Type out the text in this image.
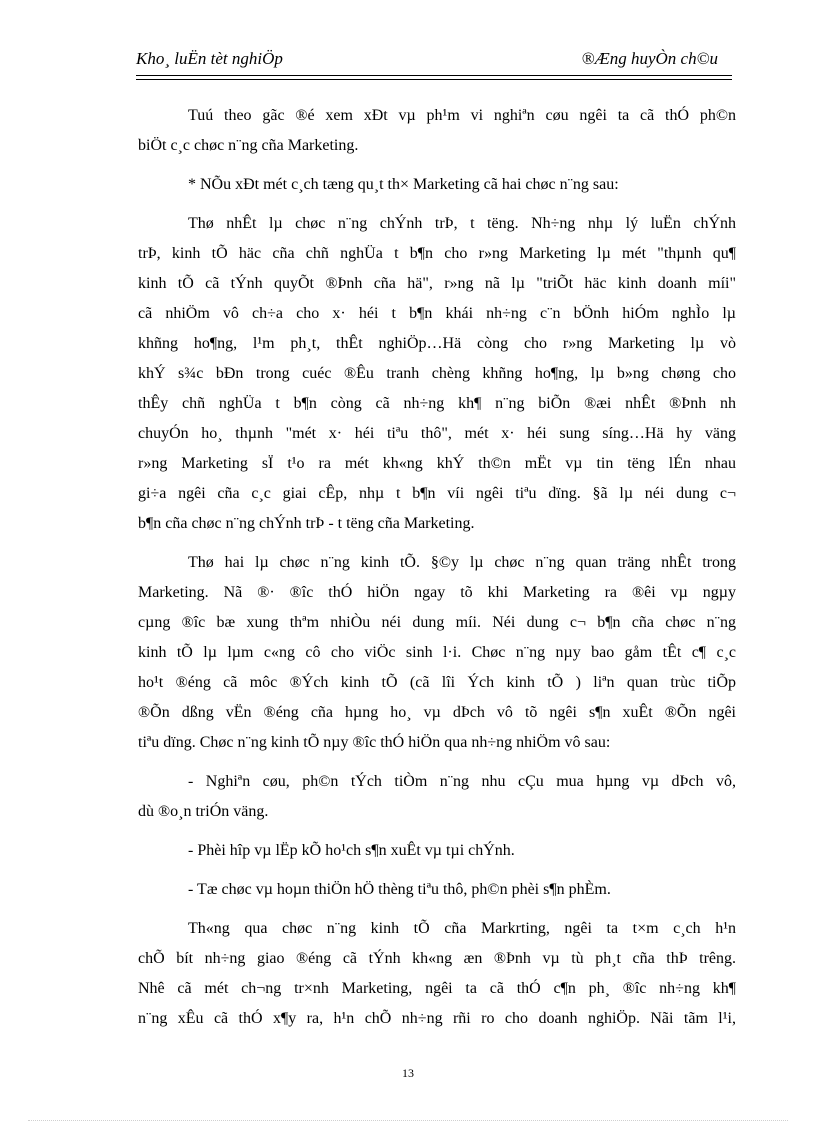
Kho¸ luËn tèt nghiÖp	®Æng huyÒn ch©u
Tuú theo gãc ®é xem xÐt vµ ph¹m vi nghiªn cøu ngêi ta cã thÓ ph©n
biÖt c¸c chøc n¨ng cña Marketing.
* NÕu xÐt mét c¸ch tæng qu¸t th× Marketing cã hai chøc n¨ng sau:
Thø nhÊt lµ chøc n¨ng chÝnh trÞ, t tëng. Nh÷ng nhµ lý luËn chÝnh
trÞ, kinh tÕ häc cña chñ nghÜa t b¶n cho r»ng Marketing lµ mét "thµnh qu¶
kinh tÕ cã tÝnh quyÕt ®Þnh cña hä", r»ng nã lµ "triÕt häc kinh doanh míi"
cã nhiÖm vô ch÷a cho x· héi t b¶n khái nh÷ng c¨n bÖnh hiÓm nghÌo lµ
khñng ho¶ng, l¹m ph¸t, thÊt nghiÖp…Hä còng cho r»ng Marketing lµ vò
khÝ s¾c bÐn trong cuéc ®Êu tranh chèng khñng ho¶ng, lµ b»ng chøng cho
thÊy chñ nghÜa t b¶n còng cã nh÷ng kh¶ n¨ng biÕn ®æi nhÊt ®Þnh nh
chuyÓn ho¸ thµnh "mét x· héi tiªu thô", mét x· héi sung síng…Hä hy väng
r»ng Marketing sÏ t¹o ra mét kh«ng khÝ th©n mËt vµ tin tëng lÉn nhau
gi÷a ngêi cña c¸c giai cÊp, nhµ t b¶n víi ngêi tiªu dïng. §ã lµ néi dung c¬
b¶n cña chøc n¨ng chÝnh trÞ - t tëng cña Marketing.
Thø hai lµ chøc n¨ng kinh tÕ. §©y lµ chøc n¨ng quan träng nhÊt trong
Marketing. Nã ®· ®îc thÓ hiÖn ngay tõ khi Marketing ra ®êi vµ ngµy
cµng ®îc bæ xung thªm nhiÒu néi dung míi. Néi dung c¬ b¶n cña chøc n¨ng
kinh tÕ lµ lµm c«ng cô cho viÖc sinh l·i. Chøc n¨ng nµy bao gåm tÊt c¶ c¸c
ho¹t ®éng cã môc ®Ých kinh tÕ (cã lîi Ých kinh tÕ ) liªn quan trùc tiÕp
®Õn dßng vËn ®éng cña hµng ho¸ vµ dÞch vô tõ ngêi s¶n xuÊt ®Õn ngêi
tiªu dïng. Chøc n¨ng kinh tÕ nµy ®îc thÓ hiÖn qua nh÷ng nhiÖm vô sau:
- Nghiªn cøu, ph©n tÝch tiÒm n¨ng nhu cÇu mua hµng vµ dÞch vô,
dù ®o¸n triÓn väng.
- Phèi hîp vµ lËp kÕ ho¹ch s¶n xuÊt vµ tµi chÝnh.
- Tæ chøc vµ hoµn thiÖn hÖ thèng tiªu thô, ph©n phèi s¶n phÈm.
Th«ng qua chøc n¨ng kinh tÕ cña Markrting, ngêi ta t×m c¸ch h¹n
chÕ bít nh÷ng giao ®éng cã tÝnh kh«ng æn ®Þnh vµ tù ph¸t cña thÞ trêng.
Nhê cã mét ch¬ng tr×nh Marketing, ngêi ta cã thÓ c¶n ph¸ ®îc nh÷ng kh¶
n¨ng xÊu cã thÓ x¶y ra, h¹n chÕ nh÷ng rñi ro cho doanh nghiÖp. Nãi tãm l¹i,
13
